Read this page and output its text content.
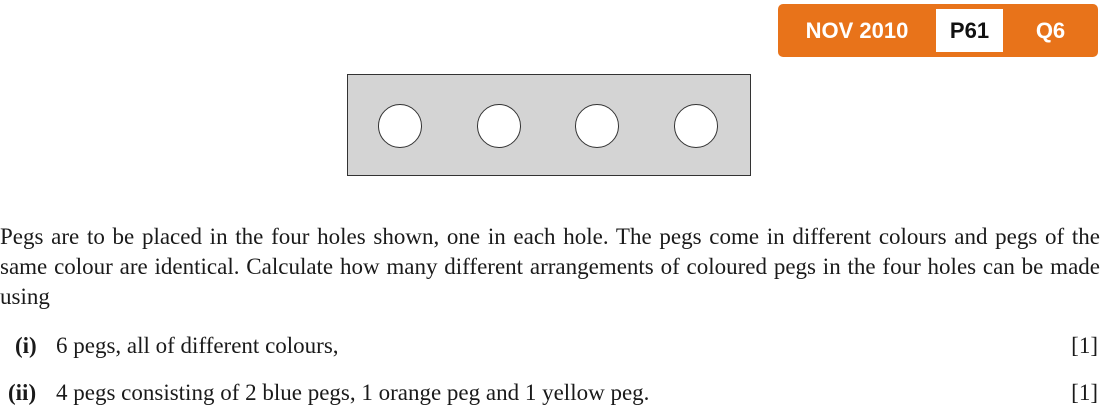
NOV 2010	P61	Q6
Pegs are to be placed in the four holes shown, one in each hole. The pegs come in different colours and pegs of the same colour are identical. Calculate how many different arrangements of coloured pegs in the four holes can be made using
(i) 6 pegs, all of different colours,	[1]
(ii) 4 pegs consisting of 2 blue pegs, 1 orange peg and 1 yellow peg.	[1]
